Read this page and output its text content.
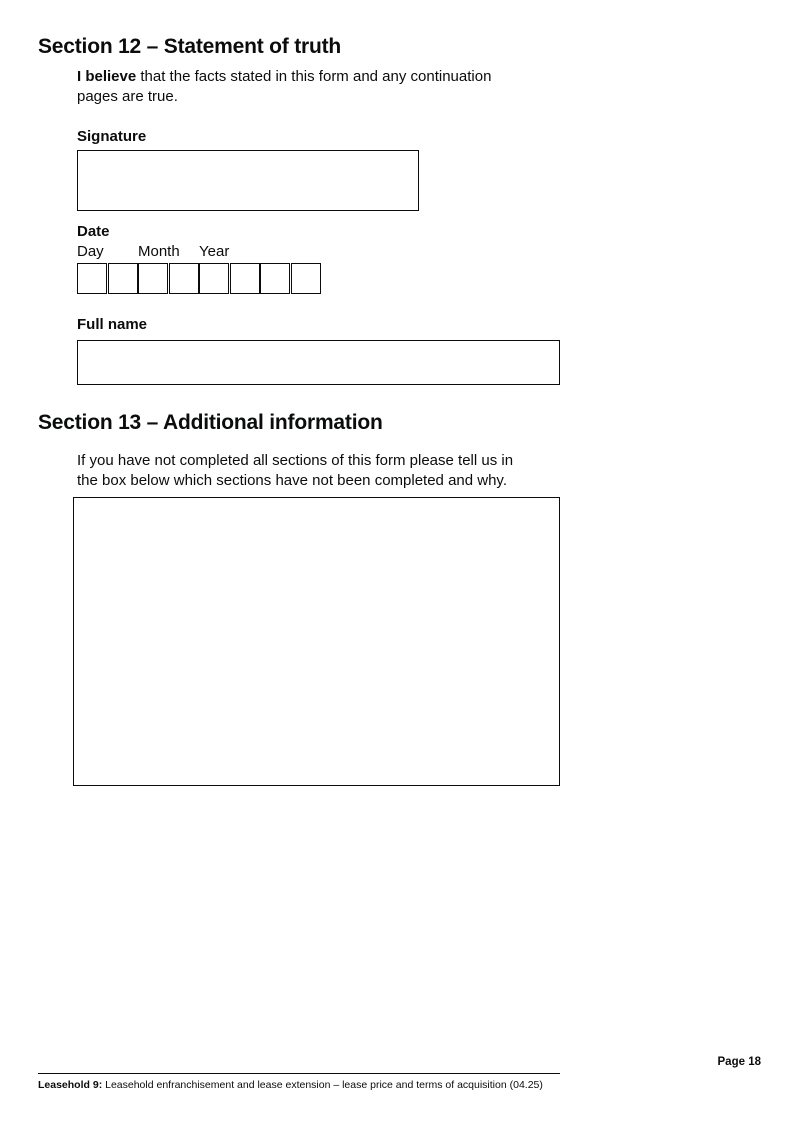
Section 12 – Statement of truth
I believe that the facts stated in this form and any continuation
pages are true.
Signature
Date
Day Month Year
Full name
Section 13 – Additional information
If you have not completed all sections of this form please tell us in
the box below which sections have not been completed and why.
Page 18
Leasehold 9: Leasehold enfranchisement and lease extension – lease price and terms of acquisition (04.25)
